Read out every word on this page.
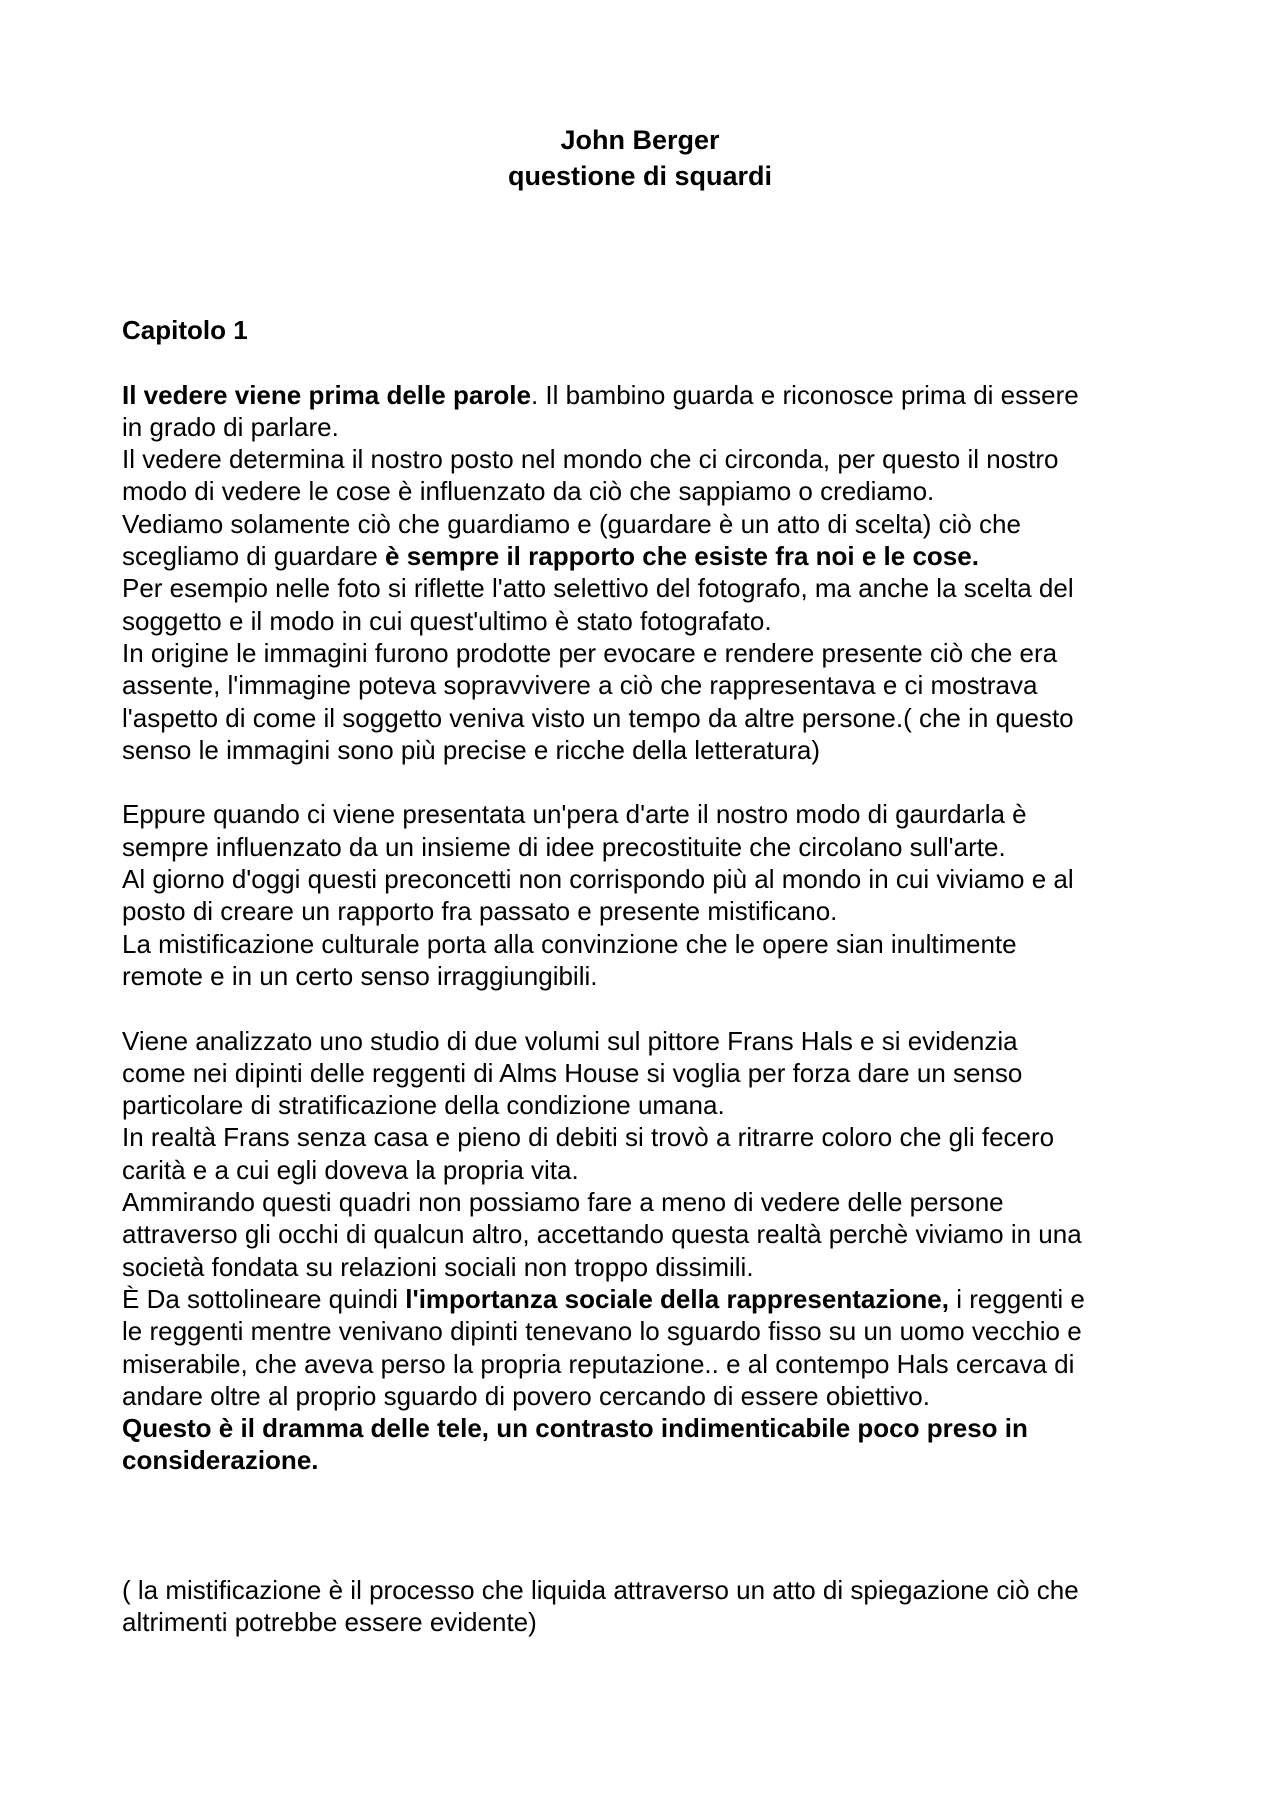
John Berger
questione di squardi

Capitolo 1

Il vedere viene prima delle parole. Il bambino guarda e riconosce prima di essere

in grado di parlare.

Il vedere determina il nostro posto nel mondo che ci circonda, per questo il nostro

modo di vedere le cose è influenzato da ciò che sappiamo o crediamo.

Vediamo solamente ciò che guardiamo e (guardare è un atto di scelta) ciò che

scegliamo di guardare è sempre il rapporto che esiste fra noi e le cose.

Per esempio nelle foto si riflette l'atto selettivo del fotografo, ma anche la scelta del

soggetto e il modo in cui quest'ultimo è stato fotografato.

In origine le immagini furono prodotte per evocare e rendere presente ciò che era

assente, l'immagine poteva sopravvivere a ciò che rappresentava e ci mostrava

l'aspetto di come il soggetto veniva visto un tempo da altre persone.( che in questo

senso le immagini sono più precise e ricche della letteratura)

Eppure quando ci viene presentata un'pera d'arte il nostro modo di gaurdarla è

sempre influenzato da un insieme di idee precostituite che circolano sull'arte.

Al giorno d'oggi questi preconcetti non corrispondo più al mondo in cui viviamo e al

posto di creare un rapporto fra passato e presente mistificano.

La mistificazione culturale porta alla convinzione che le opere sian inultimente

remote e in un certo senso irraggiungibili.

Viene analizzato uno studio di due volumi sul pittore Frans Hals e si evidenzia

come nei dipinti delle reggenti di Alms House si voglia per forza dare un senso

particolare di stratificazione della condizione umana.

In realtà Frans senza casa e pieno di debiti si trovò a ritrarre coloro che gli fecero

carità e a cui egli doveva la propria vita.

Ammirando questi quadri non possiamo fare a meno di vedere delle persone

attraverso gli occhi di qualcun altro, accettando questa realtà perchè viviamo in una

società fondata su relazioni sociali non troppo dissimili.

È Da sottolineare quindi l'importanza sociale della rappresentazione, i reggenti e

le reggenti mentre venivano dipinti tenevano lo sguardo fisso su un uomo vecchio e

miserabile, che aveva perso la propria reputazione.. e al contempo Hals cercava di

andare oltre al proprio sguardo di povero cercando di essere obiettivo.

Questo è il dramma delle tele, un contrasto indimenticabile poco preso in

considerazione.

( la mistificazione è il processo che liquida attraverso un atto di spiegazione ciò che

altrimenti potrebbe essere evidente)
